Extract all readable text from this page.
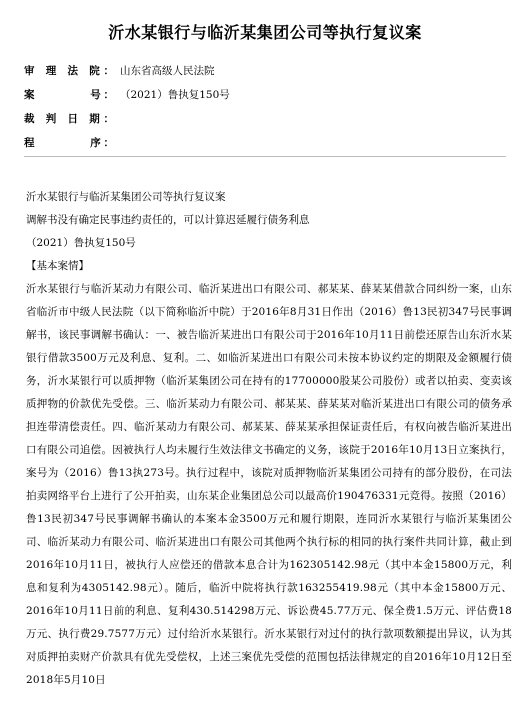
沂水某银行与临沂某集团公司等执行复议案
审 理 法 院： 山东省高级人民法院
案　　　　号： （2021）鲁执复150号
裁 判 日 期：
程　　　　序：
沂水某银行与临沂某集团公司等执行复议案
调解书没有确定民事违约责任的，可以计算迟延履行债务利息
（2021）鲁执复150号
【基本案情】
沂水某银行与临沂某动力有限公司、临沂某进出口有限公司、郝某某、薛某某借款合同纠纷一案，山东省临沂市中级人民法院（以下简称临沂中院）于2016年8月31日作出（2016）鲁13民初347号民事调解书，该民事调解书确认：一、被告临沂某进出口有限公司于2016年10月11日前偿还原告山东沂水某银行借款3500万元及利息、复利。二、如临沂某进出口有限公司未按本协议约定的期限及金额履行债务，沂水某银行可以质押物（临沂某集团公司在持有的17700000股某公司股份）或者以拍卖、变卖该质押物的价款优先受偿。三、临沂某动力有限公司、郝某某、薛某某对临沂某进出口有限公司的债务承担连带清偿责任。四、临沂某动力有限公司、郝某某、薛某某承担保证责任后，有权向被告临沂某进出口有限公司追偿。因被执行人均未履行生效法律文书确定的义务，该院于2016年10月13日立案执行，案号为（2016）鲁13执273号。执行过程中，该院对质押物临沂某集团公司持有的部分股份，在司法拍卖网络平台上进行了公开拍卖，山东某企业集团总公司以最高价190476331元竞得。按照（2016）鲁13民初347号民事调解书确认的本案本金3500万元和履行期限，连同沂水某银行与临沂某集团公司、临沂某动力有限公司、临沂某进出口有限公司其他两个执行标的相同的执行案件共同计算，截止到2016年10月11日，被执行人应偿还的借款本息合计为162305142.98元（其中本金15800万元，利息和复利为4305142.98元）。随后，临沂中院将执行款163255419.98元（其中本金15800万元、2016年10月11日前的利息、复利430.514298万元、诉讼费45.77万元、保全费1.5万元、评估费18万元、执行费29.7577万元）过付给沂水某银行。沂水某银行对过付的执行款项数额提出异议，认为其对质押拍卖财产价款具有优先受偿权，上述三案优先受偿的范围包括法律规定的自2016年10月12日至2018年5月10日
